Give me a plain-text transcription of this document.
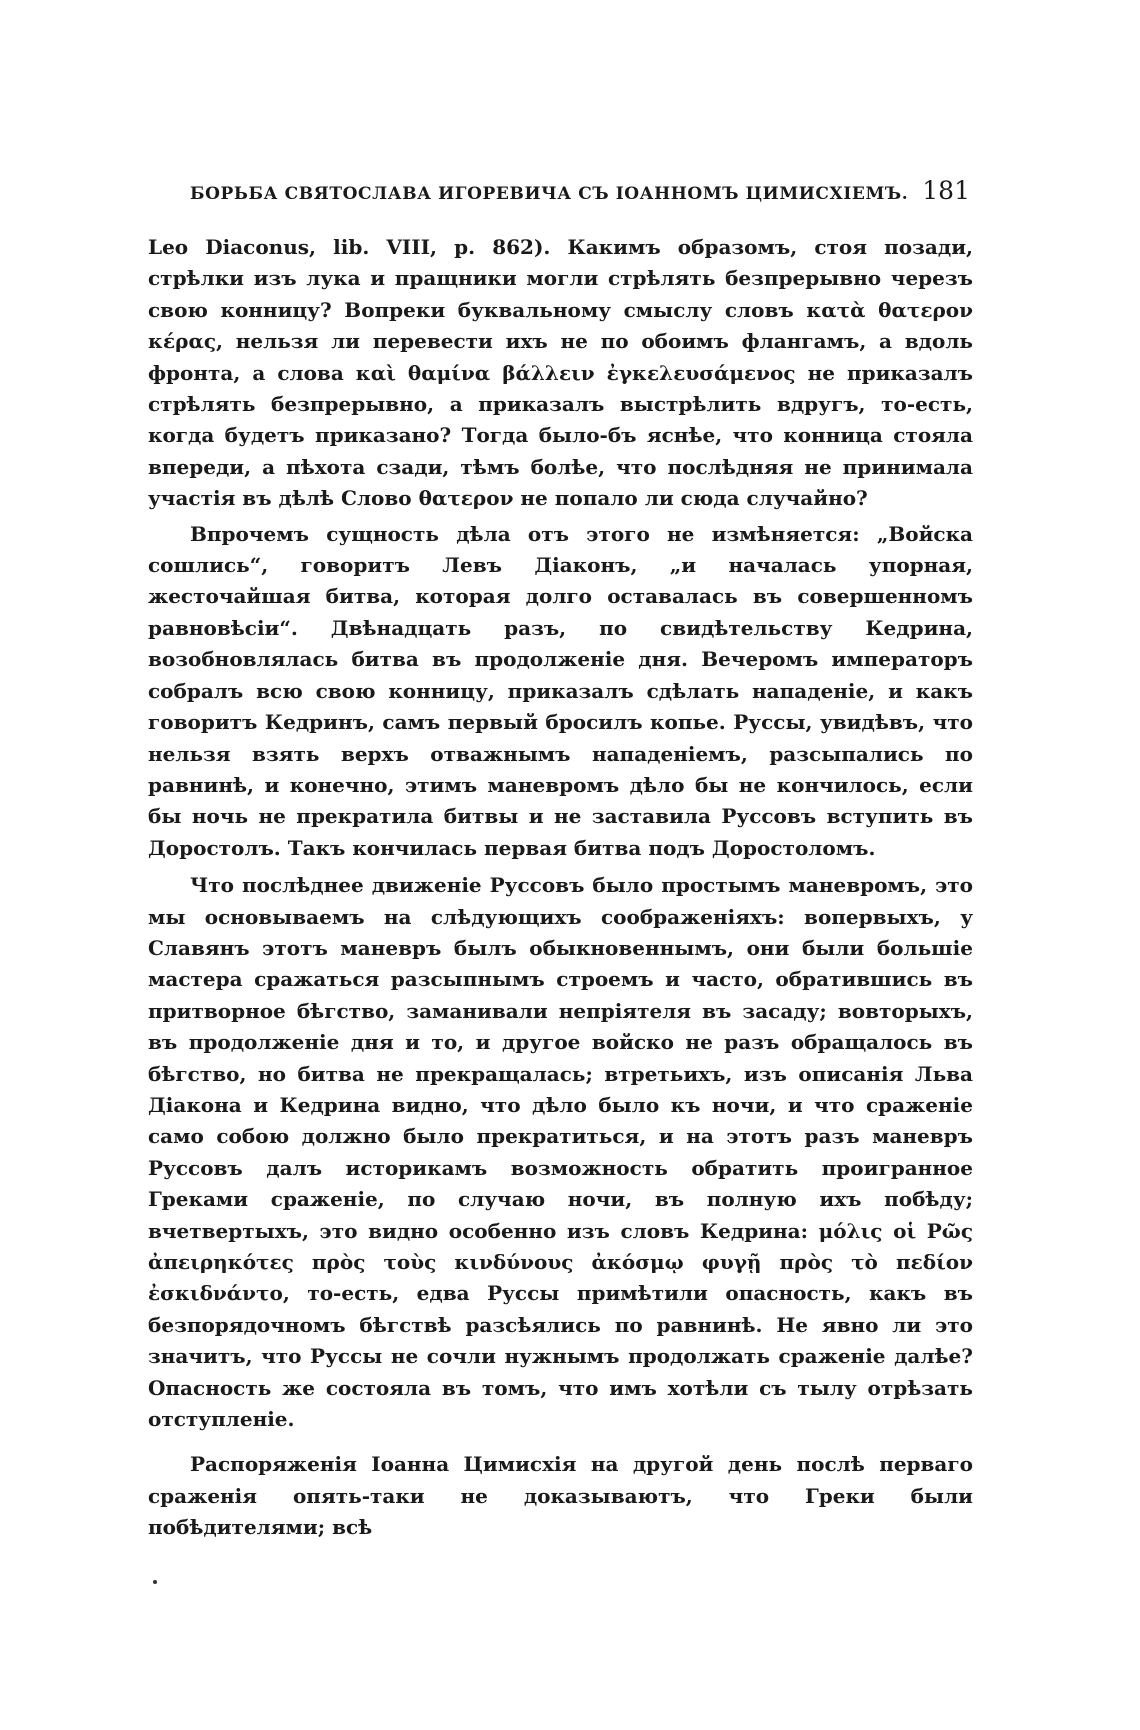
БОРЬБА СВЯТОСЛАВА ИГОРЕВИЧА СЪ ІОАННОМЪ ЦИМИСХІЕМЪ. 181

Leo Diaconus, lib. VIII, p. 862). Какимъ образомъ, стоя позади, стрѣлки изъ лука и пращники могли стрѣлять безпрерывно черезъ свою конницу? Вопреки буквальному смыслу словъ κατὰ θατερον κέρας, нельзя ли перевести ихъ не по обоимъ флангамъ, а вдоль фронта, а слова καὶ θαμίνα βάλλειν ἐγκελευσάμενος не приказалъ стрѣлять безпрерывно, а приказалъ выстрѣлить вдругъ, то-есть, когда будетъ приказано? Тогда было-бъ яснѣе, что конница стояла впереди, а пѣхота сзади, тѣмъ болѣе, что послѣдняя не принимала участія въ дѣлѣ Слово θατερον не попало ли сюда случайно?

Впрочемъ сущность дѣла отъ этого не измѣняется: „Войска сошлись“, говоритъ Левъ Діаконъ, „и началась упорная, жесточайшая битва, которая долго оставалась въ совершенномъ равновѣсіи“. Двѣнадцать разъ, по свидѣтельству Кедрина, возобновлялась битва въ продолженіе дня. Вечеромъ императоръ собралъ всю свою конницу, приказалъ сдѣлать нападеніе, и какъ говоритъ Кедринъ, самъ первый бросилъ копье. Руссы, увидѣвъ, что нельзя взять верхъ отважнымъ нападеніемъ, разсыпались по равнинѣ, и конечно, этимъ маневромъ дѣло бы не кончилось, если бы ночь не прекратила битвы и не заставила Руссовъ вступить въ Доростолъ. Такъ кончилась первая битва подъ Доростоломъ.

Что послѣднее движеніе Руссовъ было простымъ маневромъ, это мы основываемъ на слѣдующихъ соображеніяхъ: вопервыхъ, у Славянъ этотъ маневръ былъ обыкновеннымъ, они были большіе мастера сражаться разсыпнымъ строемъ и часто, обратившись въ притворное бѣгство, заманивали непріятеля въ засаду; вовторыхъ, въ продолженіе дня и то, и другое войско не разъ обращалось въ бѣгство, но битва не прекращалась; втретьихъ, изъ описанія Льва Діакона и Кедрина видно, что дѣло было къ ночи, и что сраженіе само собою должно было прекратиться, и на этотъ разъ маневръ Руссовъ далъ историкамъ возможность обратить проигранное Греками сраженіе, по случаю ночи, въ полную ихъ побѣду; вчетвертыхъ, это видно особенно изъ словъ Кедрина: μόλις οἱ Ρῶς ἀπειρηκότες πρὸς τοὺς κινδύνους ἀκόσμῳ φυγῇ πρὸς τὸ πεδίον ἐσκιδνάντο, то-есть, едва Руссы примѣтили опасность, какъ въ безпорядочномъ бѣгствѣ разсѣялись по равнинѣ. Не явно ли это значитъ, что Руссы не сочли нужнымъ продолжать сраженіе далѣе? Опасность же состояла въ томъ, что имъ хотѣли съ тылу отрѣзать отступленіе.

Распоряженія Іоанна Цимисхія на другой день послѣ перваго сраженія опять-таки не доказываютъ, что Греки были побѣдителями; всѣ
